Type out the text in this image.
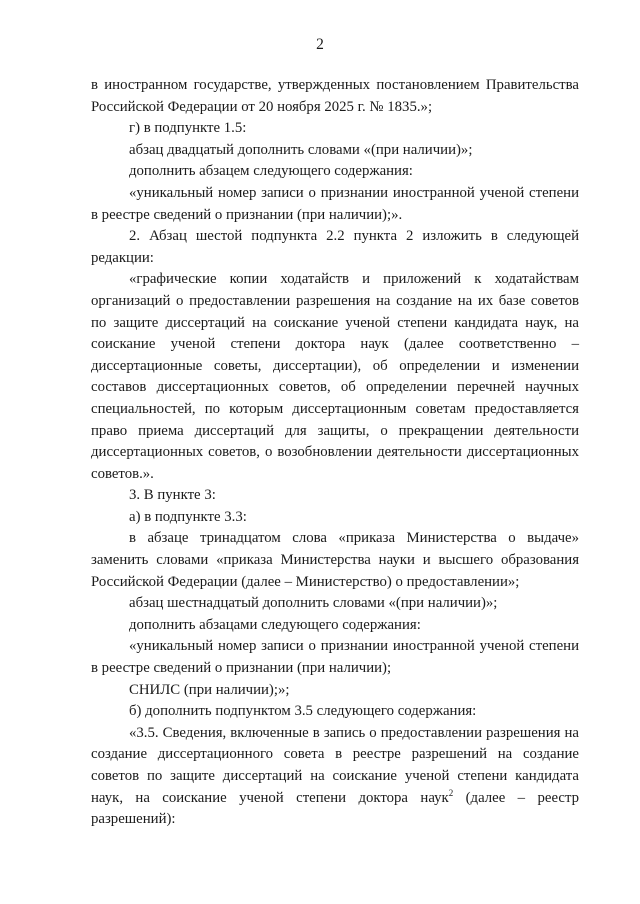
2

в иностранном государстве, утвержденных постановлением Правительства Российской Федерации от 20 ноября 2025 г. № 1835.»;

г) в подпункте 1.5:

абзац двадцатый дополнить словами «(при наличии)»;

дополнить абзацем следующего содержания:

«уникальный номер записи о признании иностранной ученой степени в реестре сведений о признании (при наличии);».

2. Абзац шестой подпункта 2.2 пункта 2 изложить в следующей редакции:

«графические копии ходатайств и приложений к ходатайствам организаций о предоставлении разрешения на создание на их базе советов по защите диссертаций на соискание ученой степени кандидата наук, на соискание ученой степени доктора наук (далее соответственно – диссертационные советы, диссертации), об определении и изменении составов диссертационных советов, об определении перечней научных специальностей, по которым диссертационным советам предоставляется право приема диссертаций для защиты, о прекращении деятельности диссертационных советов, о возобновлении деятельности диссертационных советов.».

3. В пункте 3:

а) в подпункте 3.3:

в абзаце тринадцатом слова «приказа Министерства о выдаче» заменить словами «приказа Министерства науки и высшего образования Российской Федерации (далее – Министерство) о предоставлении»;

абзац шестнадцатый дополнить словами «(при наличии)»;

дополнить абзацами следующего содержания:

«уникальный номер записи о признании иностранной ученой степени в реестре сведений о признании (при наличии);

СНИЛС (при наличии);»;

б) дополнить подпунктом 3.5 следующего содержания:

«3.5. Сведения, включенные в запись о предоставлении разрешения на создание диссертационного совета в реестре разрешений на создание советов по защите диссертаций на соискание ученой степени кандидата наук, на соискание ученой степени доктора наук$^2$ (далее – реестр разрешений):
